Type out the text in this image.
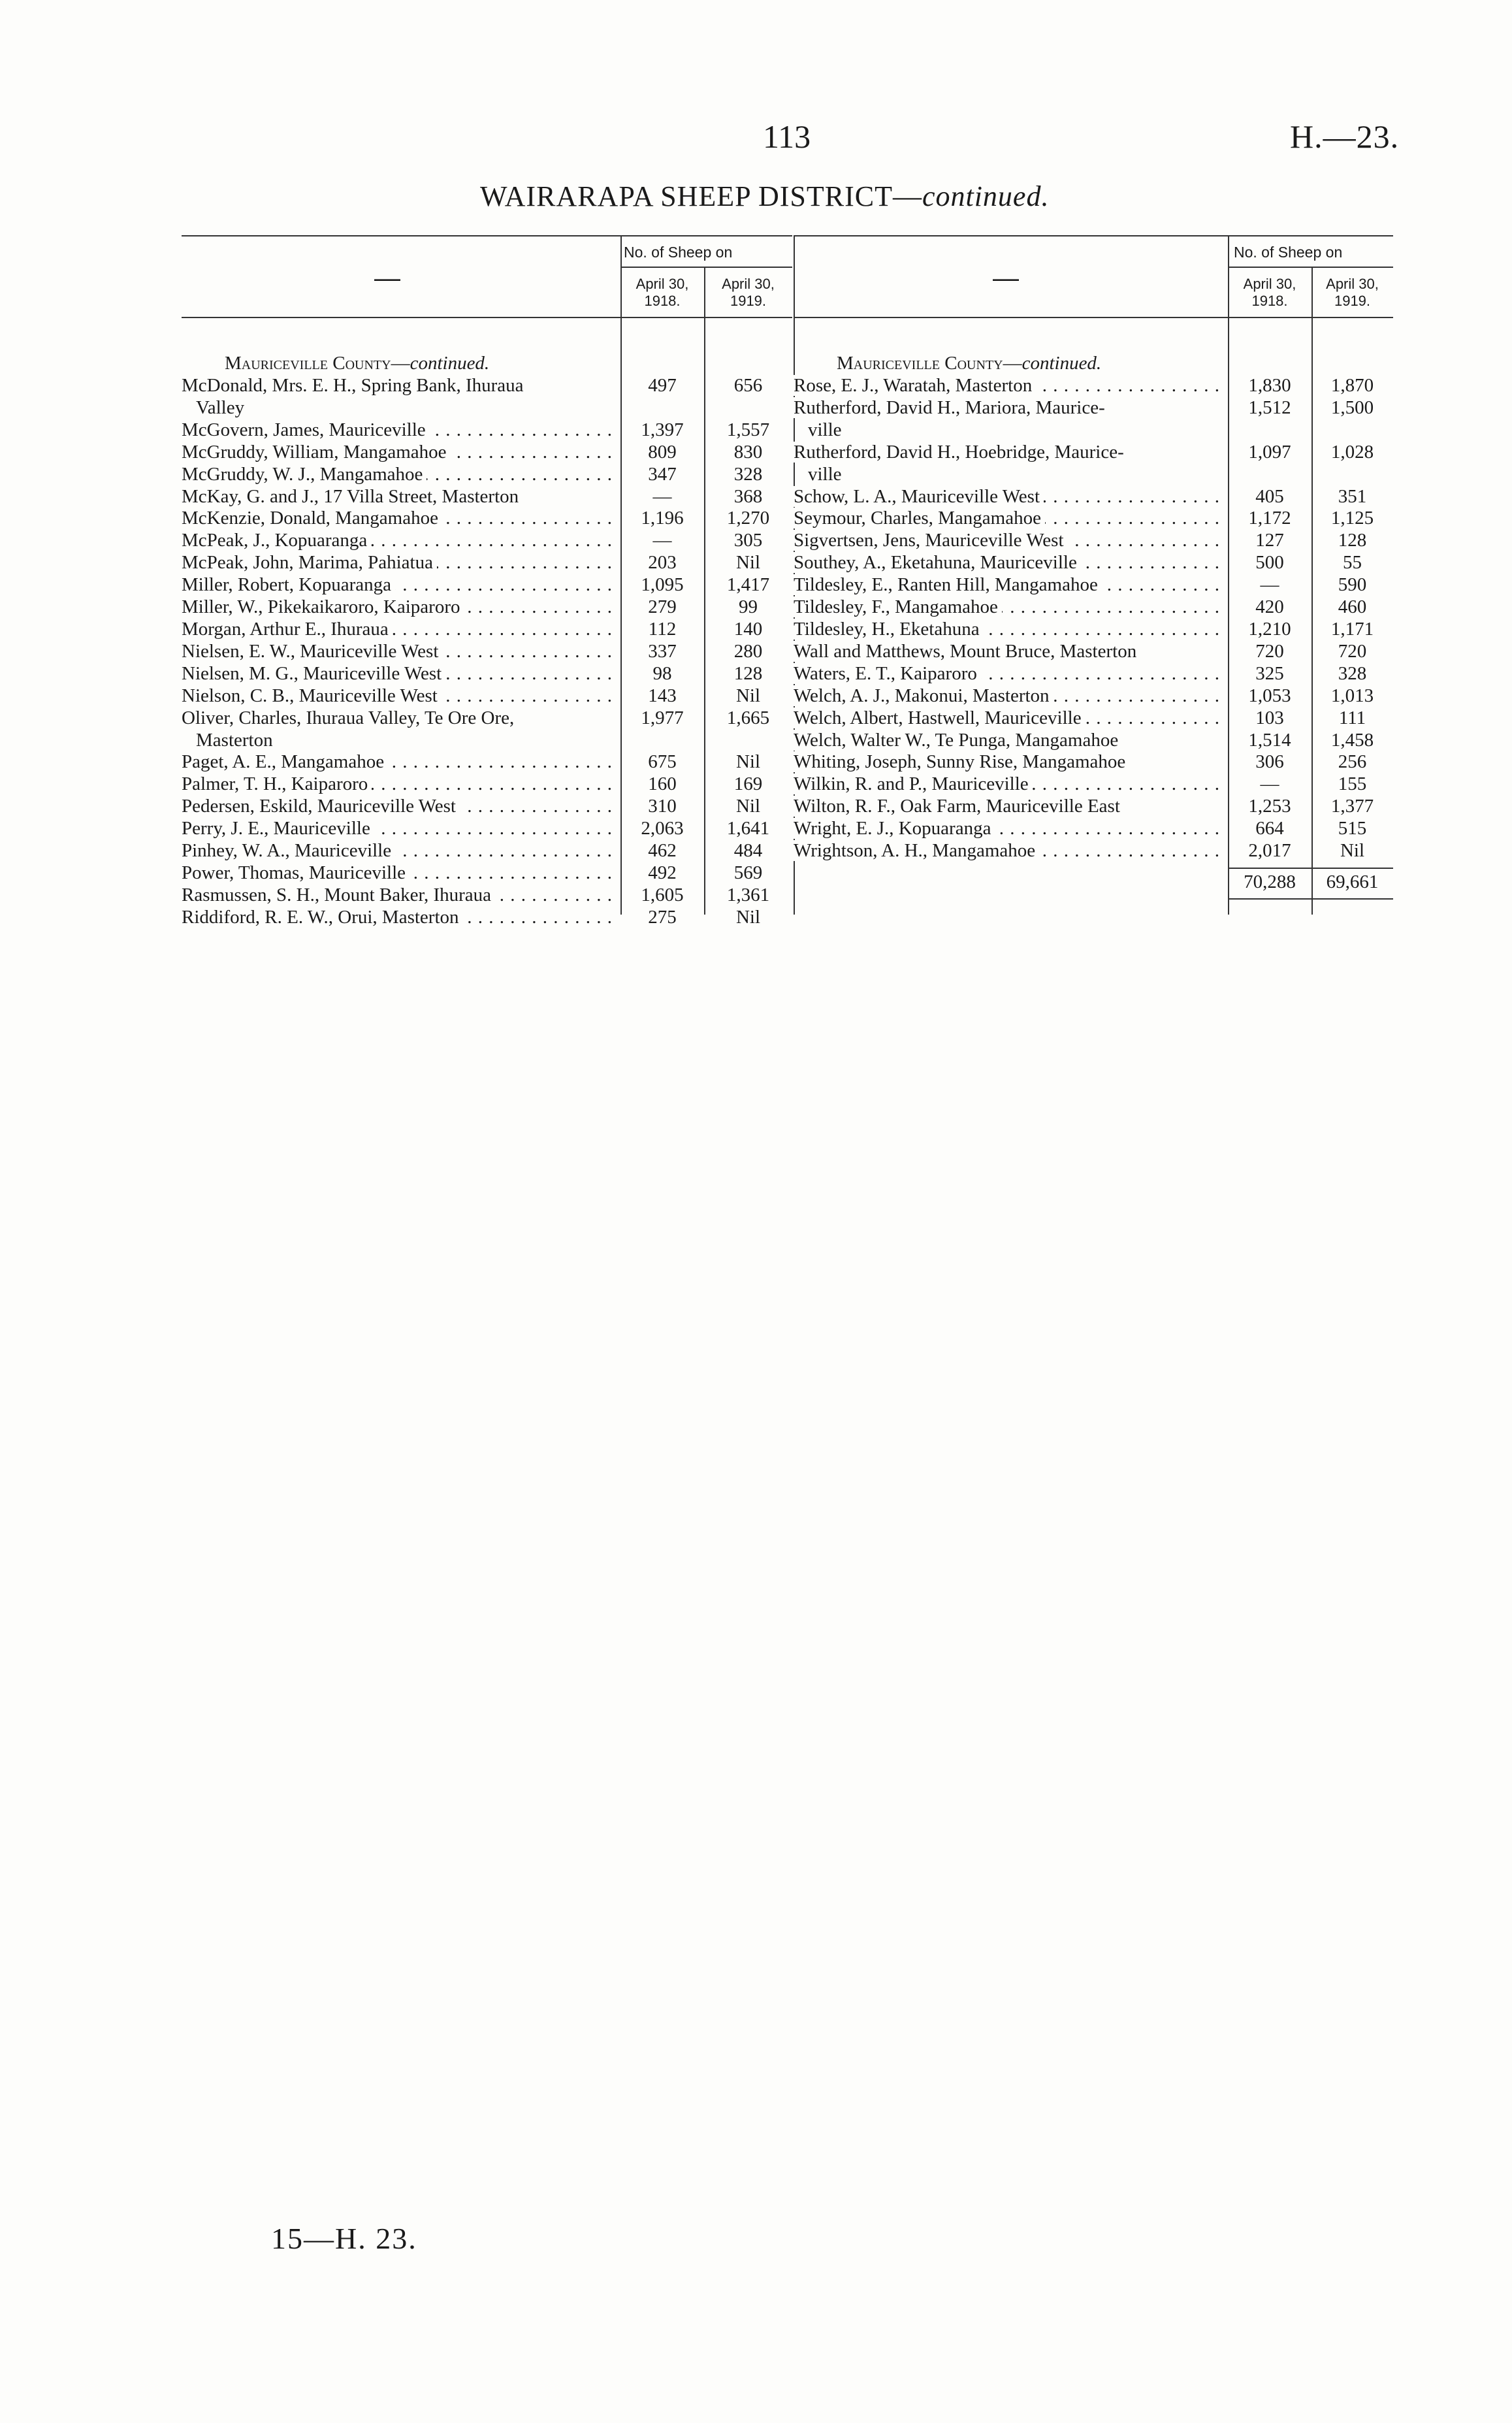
113	H.—23.
WAIRARAPA SHEEP DISTRICT—continued.
—
No. of Sheep on
April 30, 1918.
April 30, 1919.
Mauriceville County—continued.
McDonald, Mrs. E. H., Spring Bank, Ihuraua
Valley
497	656
McGovern, James, Mauriceville . .	1,397	1,557
McGruddy, William, Mangamahoe . .	809	830
McGruddy, W. J., Mangamahoe . .	347	328
McKay, G. and J., 17 Villa Street, Masterton	—	368
McKenzie, Donald, Mangamahoe . .	1,196	1,270
McPeak, J., Kopuaranga . .	—	305
McPeak, John, Marima, Pahiatua . .	203	Nil
Miller, Robert, Kopuaranga . .	1,095	1,417
Miller, W., Pikekaikaroro, Kaiparoro . .	279	99
Morgan, Arthur E., Ihuraua . .	112	140
Nielsen, E. W., Mauriceville West . .	337	280
Nielsen, M. G., Mauriceville West . .	98	128
Nielson, C. B., Mauriceville West . .	143	Nil
Oliver, Charles, Ihuraua Valley, Te Ore Ore,
Masterton
1,977	1,665
Paget, A. E., Mangamahoe . .	675	Nil
Palmer, T. H., Kaiparoro . .	160	169
Pedersen, Eskild, Mauriceville West . .	310	Nil
Perry, J. E., Mauriceville . .	2,063	1,641
Pinhey, W. A., Mauriceville . .	462	484
Power, Thomas, Mauriceville . .	492	569
Rasmussen, S. H., Mount Baker, Ihuraua . .	1,605	1,361
Riddiford, R. E. W., Orui, Masterton . .	275	Nil
—
No. of Sheep on
April 30, 1918.
April 30, 1919.
Mauriceville County—continued.
Rose, E. J., Waratah, Masterton . .	1,830	1,870
Rutherford, David H., Mariora, Maurice-
ville
1,512	1,500
Rutherford, David H., Hoebridge, Maurice-
ville
1,097	1,028
Schow, L. A., Mauriceville West . .	405	351
Seymour, Charles, Mangamahoe . .	1,172	1,125
Sigvertsen, Jens, Mauriceville West . .	127	128
Southey, A., Eketahuna, Mauriceville . .	500	55
Tildesley, E., Ranten Hill, Mangamahoe . .	—	590
Tildesley, F., Mangamahoe . .	420	460
Tildesley, H., Eketahuna . .	1,210	1,171
Wall and Matthews, Mount Bruce, Masterton	720	720
Waters, E. T., Kaiparoro . .	325	328
Welch, A. J., Makonui, Masterton . .	1,053	1,013
Welch, Albert, Hastwell, Mauriceville . .	103	111
Welch, Walter W., Te Punga, Mangamahoe	1,514	1,458
Whiting, Joseph, Sunny Rise, Mangamahoe	306	256
Wilkin, R. and P., Mauriceville . .	—	155
Wilton, R. F., Oak Farm, Mauriceville East	1,253	1,377
Wright, E. J., Kopuaranga . .	664	515
Wrightson, A. H., Mangamahoe . .	2,017	Nil
70,288	69,661
15—H. 23.
